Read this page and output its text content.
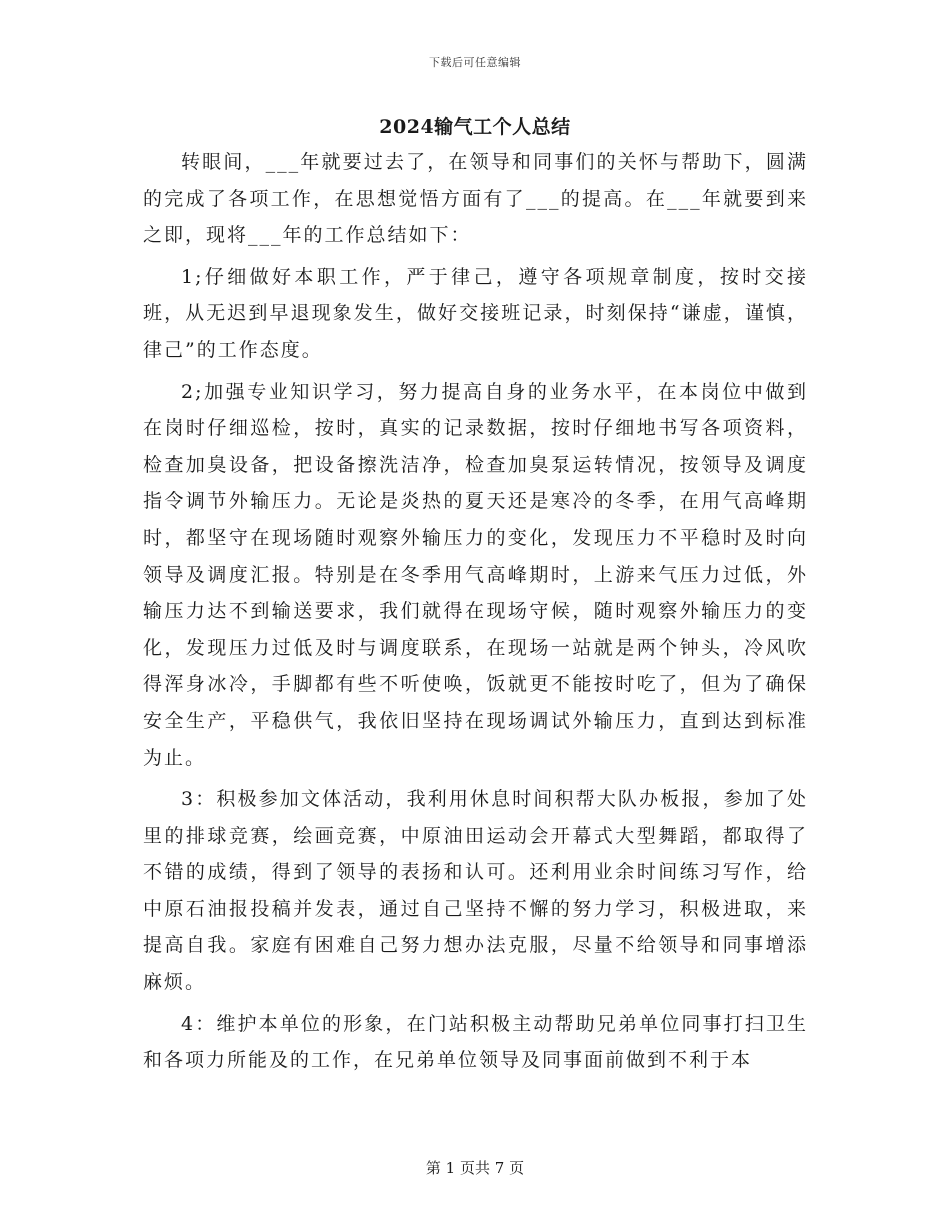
下载后可任意编辑
2024输气工个人总结

转眼间，___年就要过去了，在领导和同事们的关怀与帮助下，圆满的完成了各项工作，在思想觉悟方面有了___的提高。在___年就要到来之即，现将___年的工作总结如下：

1;仔细做好本职工作，严于律己，遵守各项规章制度，按时交接班，从无迟到早退现象发生，做好交接班记录，时刻保持“谦虚，谨慎，律己”的工作态度。

2;加强专业知识学习，努力提高自身的业务水平，在本岗位中做到在岗时仔细巡检，按时，真实的记录数据，按时仔细地书写各项资料，检查加臭设备，把设备擦洗洁净，检查加臭泵运转情况，按领导及调度指令调节外输压力。无论是炎热的夏天还是寒冷的冬季，在用气高峰期时，都坚守在现场随时观察外输压力的变化，发现压力不平稳时及时向领导及调度汇报。特别是在冬季用气高峰期时，上游来气压力过低，外输压力达不到输送要求，我们就得在现场守候，随时观察外输压力的变化，发现压力过低及时与调度联系，在现场一站就是两个钟头，冷风吹得浑身冰冷，手脚都有些不听使唤，饭就更不能按时吃了，但为了确保安全生产，平稳供气，我依旧坚持在现场调试外输压力，直到达到标准为止。

3：积极参加文体活动，我利用休息时间积帮大队办板报，参加了处里的排球竞赛，绘画竞赛，中原油田运动会开幕式大型舞蹈，都取得了不错的成绩，得到了领导的表扬和认可。还利用业余时间练习写作，给中原石油报投稿并发表，通过自己坚持不懈的努力学习，积极进取，来提高自我。家庭有困难自己努力想办法克服，尽量不给领导和同事增添麻烦。

4：维护本单位的形象，在门站积极主动帮助兄弟单位同事打扫卫生和各项力所能及的工作，在兄弟单位领导及同事面前做到不利于本

第 1 页共 7 页
